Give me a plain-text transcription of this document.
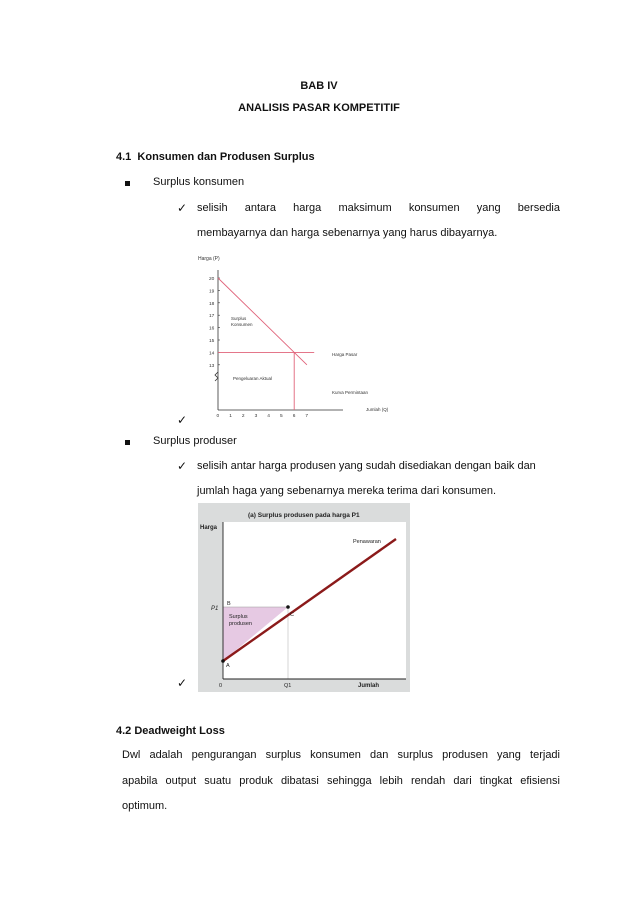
BAB IV
ANALISIS PASAR KOMPETITIF
4.1  Konsumen dan Produsen Surplus
Surplus konsumen
✓ selisih   antara   harga   maksimum   konsumen   yang   bersedia
membayarnya dan harga sebenarnya yang harus dibayarnya.
Harga (P)
20
19
18
17
16
15
14
13
0 1 2 3 4 5 6 7
Surplus
Konsumen
Pengeluaran Aktual
Harga Pasar
Kurva Permintaan
Jumlah (Q)
✓
Surplus produser
✓ selisih antar harga produsen yang sudah disediakan dengan baik dan
jumlah haga yang sebenarnya mereka terima dari konsumen.
(a) Surplus produsen pada harga P1
Harga
Penawaran
B
C
A
Surplus
produsen
P1
0	Q1	Jumlah
✓
4.2 Deadweight Loss
Dwl adalah pengurangan surplus konsumen dan surplus produsen yang terjadi
apabila output suatu produk dibatasi sehingga lebih rendah dari tingkat efisiensi
optimum.
